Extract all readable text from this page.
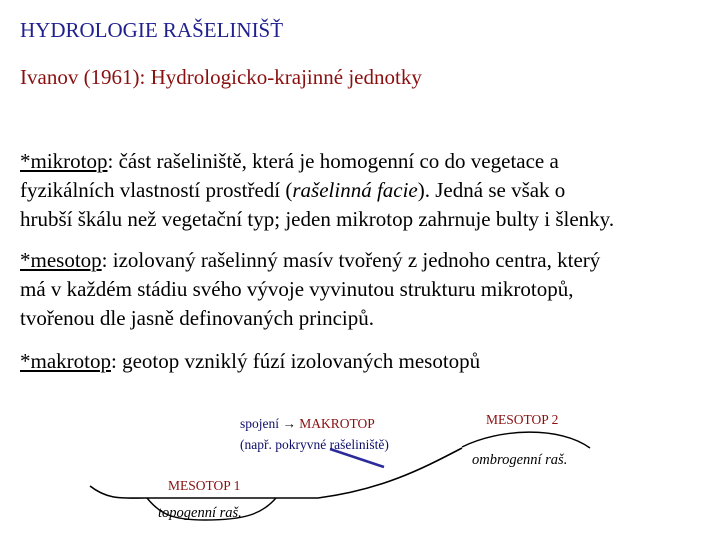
HYDROLOGIE RAŠELINIŠŤ
Ivanov (1961): Hydrologicko-krajinné jednotky
*mikrotop: část rašeliniště, která je homogenní co do vegetace a
fyzikálních vlastností prostředí (rašelinná facie). Jedná se však o
hrubší škálu než vegetační typ; jeden mikrotop zahrnuje bulty i šlenky.
*mesotop: izolovaný rašelinný masív tvořený z jednoho centra, který
má v každém stádiu svého vývoje vyvinutou strukturu mikrotopů,
tvořenou dle jasně definovaných principů.
*makrotop: geotop vzniklý fúzí izolovaných mesotopů
spojení → MAKROTOP
(např. pokryvné rašeliniště)
MESOTOP 2
ombrogenní raš.
MESOTOP 1
topogenní raš.
